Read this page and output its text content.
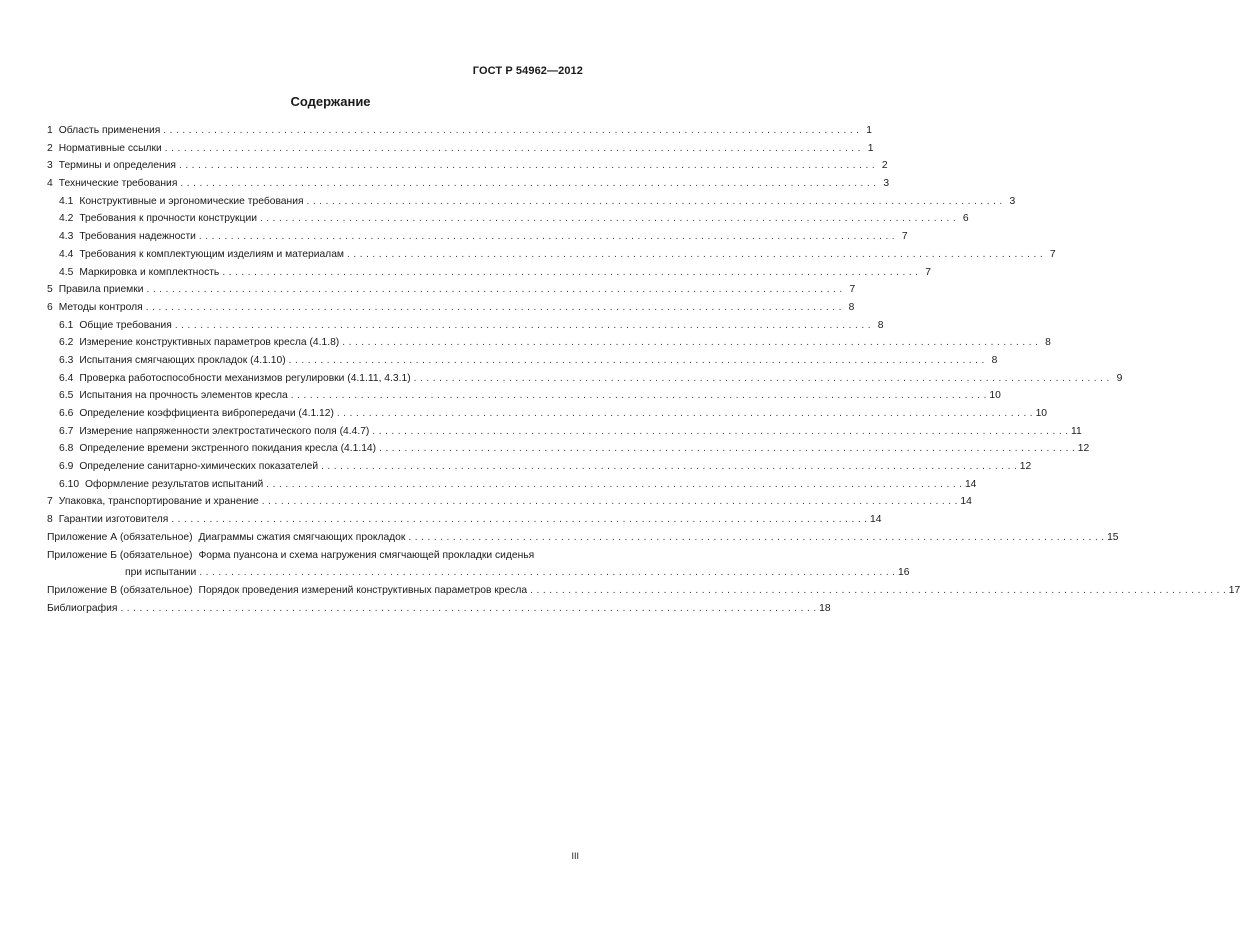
ГОСТ Р 54962—2012
Содержание
1 Область применения . . .	1
2 Нормативные ссылки . . .	1
3 Термины и определения . . .	2
4 Технические требования . . .	3
4.1 Конструктивные и эргономические требования . . .	3
4.2 Требования к прочности конструкции . . .	6
4.3 Требования надежности . . .	7
4.4 Требования к комплектующим изделиям и материалам . . .	7
4.5 Маркировка и комплектность . . .	7
5 Правила приемки . . .	7
6 Методы контроля . . .	8
6.1 Общие требования . . .	8
6.2 Измерение конструктивных параметров кресла (4.1.8) . . .	8
6.3 Испытания смягчающих прокладок (4.1.10) . . .	8
6.4 Проверка работоспособности механизмов регулировки (4.1.11, 4.3.1) . . .	9
6.5 Испытания на прочность элементов кресла . . .	10
6.6 Определение коэффициента вибропередачи (4.1.12) . . .	10
6.7 Измерение напряженности электростатического поля (4.4.7) . . .	11
6.8 Определение времени экстренного покидания кресла (4.1.14) . . .	12
6.9 Определение санитарно-химических показателей . . .	12
6.10 Оформление результатов испытаний . . .	14
7 Упаковка, транспортирование и хранение . . .	14
8 Гарантии изготовителя . . .	14
Приложение А (обязательное) Диаграммы сжатия смягчающих прокладок . . .	15
Приложение Б (обязательное) Форма пуансона и схема нагружения смягчающей прокладки сиденья
при испытании . . .	16
Приложение В (обязательное) Порядок проведения измерений конструктивных параметров кресла . . .	17
Библиография . . .	18
III
